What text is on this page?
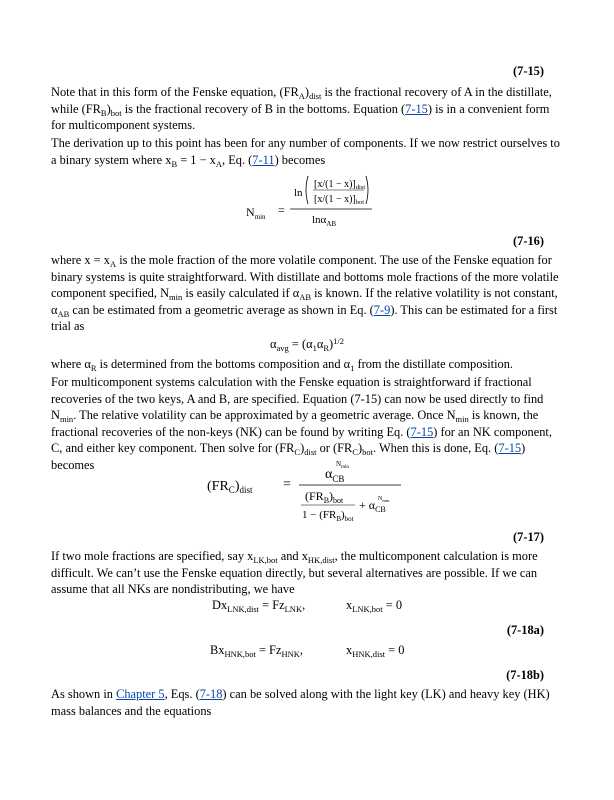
(7-15)

Note that in this form of the Fenske equation, $(FR_A)_{dist}$ is the fractional recovery of A in the distillate, while $(FR_B)_{bot}$ is the fractional recovery of B in the bottoms. Equation (7-15) is in a convenient form for multicomponent systems.

The derivation up to this point has been for any number of components. If we now restrict ourselves to a binary system where $x_B = 1 - x_A$, Eq. (7-11) becomes

$N_{min}$ =
ln
$[x/(1 - x)]_{dist}$
$[x/(1 - x)]_{bot}$
lnα$_{AB}$
(7-16)

where $x = x_A$ is the mole fraction of the more volatile component. The use of the Fenske equation for binary systems is quite straightforward. With distillate and bottoms mole fractions of the more volatile component specified, $N_{min}$ is easily calculated if $\alpha_{AB}$ is known. If the relative volatility is not constant, $\alpha_{AB}$ can be estimated from a geometric average as shown in Eq. (7-9). This can be estimated for a first trial as

$\alpha_{avg} = (\alpha_1\alpha_R)^{1/2}$

where $\alpha_R$ is determined from the bottoms composition and $\alpha_1$ from the distillate composition.

For multicomponent systems calculation with the Fenske equation is straightforward if fractional recoveries of the two keys, A and B, are specified. Equation (7-15) can now be used directly to find $N_{min}$. The relative volatility can be approximated by a geometric average. Once $N_{min}$ is known, the fractional recoveries of the non-keys (NK) can be found by writing Eq. (7-15) for an NK component, C, and either key component. Then solve for $(FR_C)_{dist}$ or $(FR_C)_{bot}$. When this is done, Eq. (7-15) becomes

$(FR_C)_{dist}$ =
$\alpha_{CB}$
$N_{min}$
$(FR_B)_{bot}$
$1 - (FR_B)_{bot}$
+ $\alpha_{CB}$
$N_{min}$
(7-17)

If two mole fractions are specified, say $x_{LK,bot}$ and $x_{HK,dist}$, the multicomponent calculation is more difficult. We can’t use the Fenske equation directly, but several alternatives are possible. If we can assume that all NKs are nondistributing, we have

$Dx_{LNK,dist} = Fz_{LNK}$,	$x_{LNK,bot} = 0$
(7-18a)
$Bx_{HNK,bot} = Fz_{HNK}$,	$x_{HNK,dist} = 0$
(7-18b)

As shown in Chapter 5, Eqs. (7-18) can be solved along with the light key (LK) and heavy key (HK) mass balances and the equations
